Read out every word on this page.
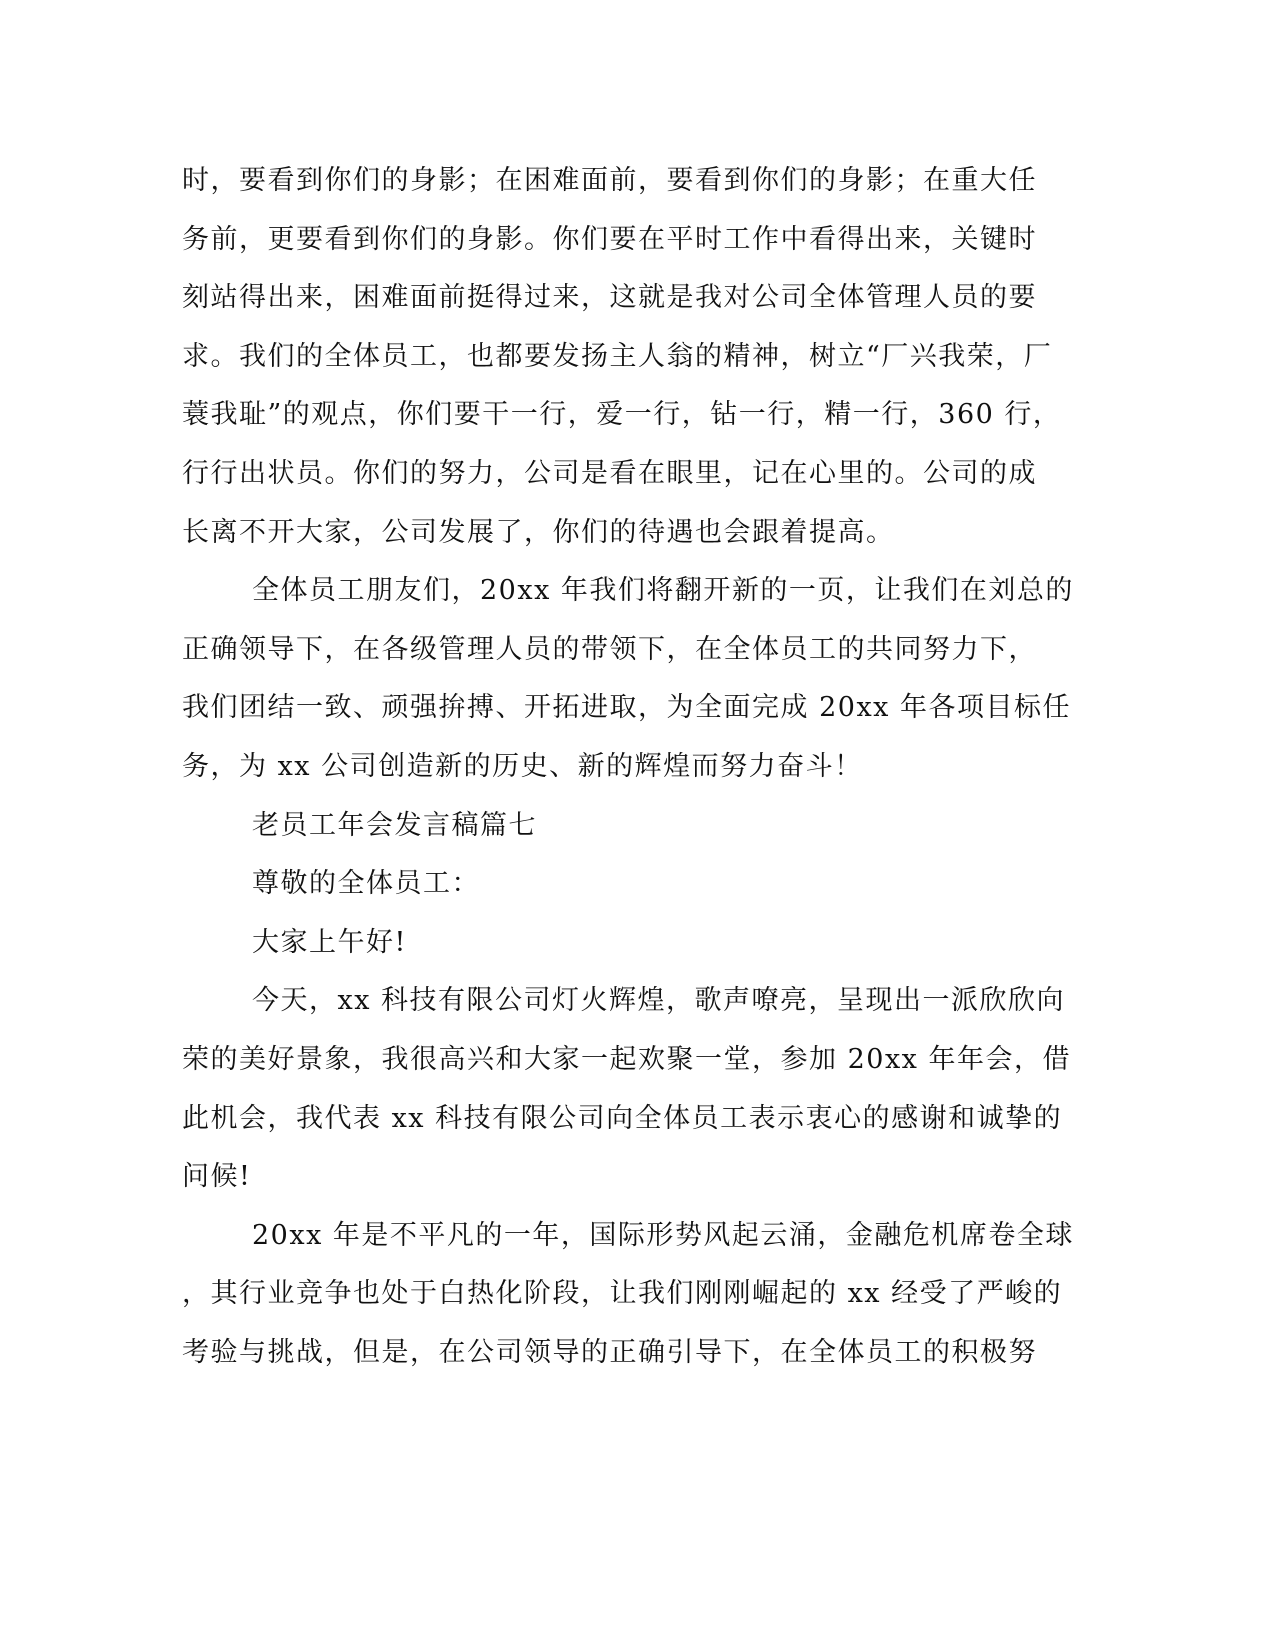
时，要看到你们的身影；在困难面前，要看到你们的身影；在重大任
务前，更要看到你们的身影。你们要在平时工作中看得出来，关键时
刻站得出来，困难面前挺得过来，这就是我对公司全体管理人员的要
求。我们的全体员工，也都要发扬主人翁的精神，树立“厂兴我荣，厂
蓑我耻”的观点，你们要干一行，爱一行，钻一行，精一行，360 行，
行行出状员。你们的努力，公司是看在眼里，记在心里的。公司的成
长离不开大家，公司发展了，你们的待遇也会跟着提高。
全体员工朋友们，20xx 年我们将翻开新的一页，让我们在刘总的
正确领导下，在各级管理人员的带领下，在全体员工的共同努力下，
我们团结一致、顽强拚搏、开拓进取，为全面完成 20xx 年各项目标任
务，为 xx 公司创造新的历史、新的辉煌而努力奋斗！
老员工年会发言稿篇七
尊敬的全体员工：
大家上午好!
今天，xx 科技有限公司灯火辉煌，歌声嘹亮，呈现出一派欣欣向
荣的美好景象，我很高兴和大家一起欢聚一堂，参加 20xx 年年会，借
此机会，我代表 xx 科技有限公司向全体员工表示衷心的感谢和诚挚的
问候!
20xx 年是不平凡的一年，国际形势风起云涌，金融危机席卷全球
，其行业竞争也处于白热化阶段，让我们刚刚崛起的 xx 经受了严峻的
考验与挑战，但是，在公司领导的正确引导下，在全体员工的积极努
